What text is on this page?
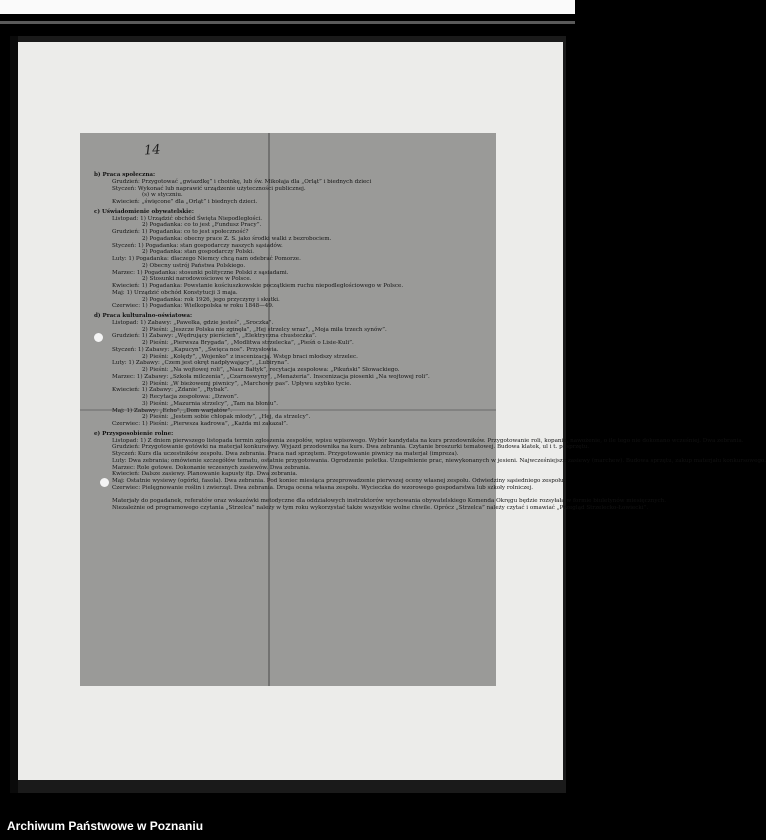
14
b) Praca społeczna:
Grudzień: Przygotować „gwiazdkę” i choinkę, lub św. Mikołaja dla „Orląt” i biednych dzieci
Styczeń: Wykonać lub naprawić urządzenie użyteczności publicznej.
(s) w styczniu.
Kwiecień: „święcone” dla „Orląt” i biednych dzieci.
c) Uświadomienie obywatelskie:
Listopad: 1) Urządzić obchód Święta Niepodległości.
2) Pogadanka: co to jest „Fundusz Pracy”.
Grudzień: 1) Pogadanka: co to jest społeczność?
2) Pogadanka: obecny prace Z. S. jako środki walki z bezrobociem.
Styczeń: 1) Pogadanka: stan gospodarczy naszych sąsiadów.
2) Pogadanka: stan gospodarczy Polski.
Luty: 1) Pogadanka: dlaczego Niemcy chcą nam odebrać Pomorze.
2) Obecny ustrój Państwa Polskiego.
Marzec: 1) Pogadanka: stosunki polityczne Polski z sąsiadami.
2) Stosunki narodowościowe w Polsce.
Kwiecień: 1) Pogadanka: Powstanie kościuszkowskie początkiem ruchu niepodległościowego w Polsce.
Maj: 1) Urządzić obchód Konstytucji 3 maja.
2) Pogadanka: rok 1926, jego przyczyny i skutki.
Czerwiec: 1) Pogadanka: Wielkopolska w roku 1848—49.
d) Praca kulturalno-oświatowa:
Listopad: 1) Zabawy: „Pawełka, gdzie jesteś”, „Sroczka”.
2) Pieśni: „Jeszcze Polska nie zginęła”, „Hej strzelcy wraz”, „Moja miła trzech synów”.
Grudzień: 1) Zabawy: „Wędrujący pierścień”, „Elektryczna chusteczka”.
2) Pieśni: „Pierwsza Brygada”, „Modlitwa strzelecka”, „Pieśń o Lisie-Kuli”.
Styczeń: 1) Zabawy: „Kapucyn”, „Święca nos”. Przysłowia.
2) Pieśni: „Kolędy”, „Wojenko” z inscenizacją. Wstęp braci młodszy strzelec.
Luty: 1) Zabawy: „Czem jest okręt nadpływający”, „Lubiryna”.
2) Pieśni: „Na wojtowej roli”, „Nasz Bałtyk”, recytacja zespołowa: „Pikuński” Słowackiego.
Marzec: 1) Zabawy: „Szkoła milczenia”, „Czarnoswyny”, „Menażeria”. Inscenizacja piosenki „Na wojtowej roli”.
2) Pieśni: „W bieżowemj piwnicy”, „Marchowy pas”. Upływu szybko tycie.
Kwiecień: 1) Zabawy: „Zdanie”, „Rybak”.
2) Recytacja zespołowa: „Dzwon”.
3) Pieśni: „Mazurnia strzelcy”, „Tam na błoniu”.
Maj: 1) Zabawy: „Echo”, „Dom warjatów”.
2) Pieśni: „Jestem sobie chłopak młody”, „Hej, da strzelcy”.
Czerwiec: 1) Pieśni: „Pierwsza kadrowa”, „Każda mi zakazał”.
e) Przysposobienie rolne:
Listopad: 1) Z dniem pierwszego listopada termin zgłoszenia zespołów, wpisu wpisowego. Wybór kandydata na kurs przodowników. Przygotowanie roli, kopanie, nawożenie, o ile tego nie dokonano wcześniej. Dwa zebrania.
Grudzień: Przygotowanie gotówki na materjał konkursowy. Wyjazd przodownika na kurs. Dwa zebrania. Czytanie broszurki tematowej. Budowa klatek, ul i t. p. sprzętu.
Styczeń: Kurs dla uczestników zespołu. Dwa zebrania. Praca nad sprzętem. Przygotowanie piwnicy na materjał (impreza).
Luty: Dwa zebrania; omówienie szczegółów tematu, ostatnie przygotowania. Ogrodzenie poletka. Uzupełnienie prac, niewykonanych w jesieni. Najwcześniejsze zasiewy (marchew). Budowa sprzętu, zakup materjału konkursowego.
Marzec: Role gotowe. Dokonanie wczesnych zasiewów. Dwa zebrania.
Kwiecień: Dalsze zasiewy. Planowanie kapusty itp. Dwa zebrania.
Maj: Ostatnie wysiewy (ogórki, fasola). Dwa zebrania. Pod koniec miesiąca przeprowadzenie pierwszej oceny własnej zespołu. Odwiedziny sąsiedniego zespołu.
Czerwiec: Pielęgnowanie roślin i zwierząt. Dwa zebrania. Druga ocena własna zespołu. Wycieczka do wzorowego gospodarstwa lub szkoły rolniczej.
Materjały do pogadanek, referatów oraz wskazówki metodyczne dla oddziałowych instruktorów wychowania obywatelskiego Komenda Okręgu będzie rozsyłała w formie biuletynów miesięcznych.
Niezależnie od programowego czytania „Strzelca” należy w tym roku wykorzystać także wszystkie wolne chwile. Oprócz „Strzelca” należy czytać i omawiać „Przegląd Strzelecko-Łowiecki”.
Archiwum Państwowe w Poznaniu
